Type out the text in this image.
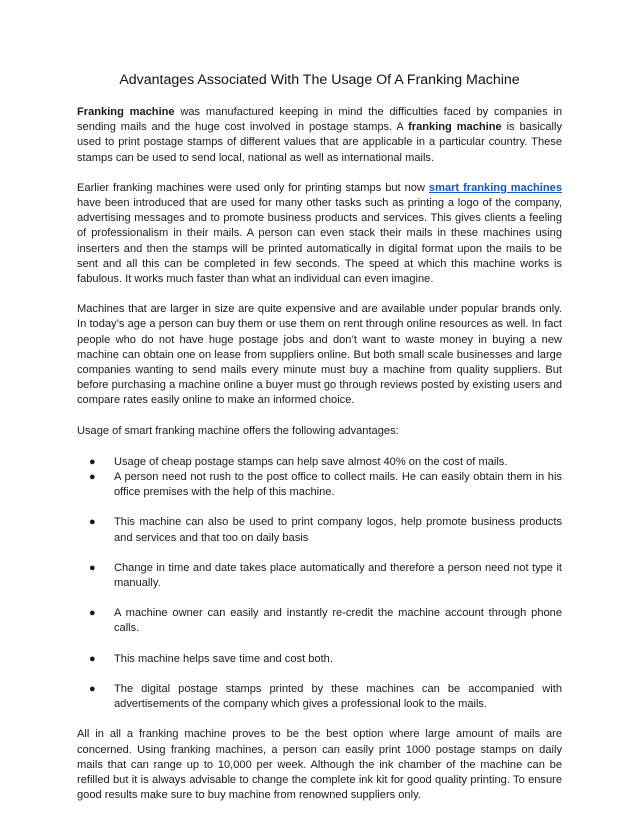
Advantages Associated With The Usage Of A Franking Machine

Franking machine was manufactured keeping in mind the difficulties faced by companies in sending mails and the huge cost involved in postage stamps. A franking machine is basically used to print postage stamps of different values that are applicable in a particular country. These stamps can be used to send local, national as well as international mails.

Earlier franking machines were used only for printing stamps but now smart franking machines have been introduced that are used for many other tasks such as printing a logo of the company, advertising messages and to promote business products and services. This gives clients a feeling of professionalism in their mails. A person can even stack their mails in these machines using inserters and then the stamps will be printed automatically in digital format upon the mails to be sent and all this can be completed in few seconds. The speed at which this machine works is fabulous. It works much faster than what an individual can even imagine.

Machines that are larger in size are quite expensive and are available under popular brands only. In today’s age a person can buy them or use them on rent through online resources as well. In fact people who do not have huge postage jobs and don’t want to waste money in buying a new machine can obtain one on lease from suppliers online. But both small scale businesses and large companies wanting to send mails every minute must buy a machine from quality suppliers. But before purchasing a machine online a buyer must go through reviews posted by existing users and compare rates easily online to make an informed choice.

Usage of smart franking machine offers the following advantages:

● Usage of cheap postage stamps can help save almost 40% on the cost of mails.
● A person need not rush to the post office to collect mails. He can easily obtain them in his office premises with the help of this machine.
● This machine can also be used to print company logos, help promote business products and services and that too on daily basis
● Change in time and date takes place automatically and therefore a person need not type it manually.
● A machine owner can easily and instantly re-credit the machine account through phone calls.
● This machine helps save time and cost both.
● The digital postage stamps printed by these machines can be accompanied with advertisements of the company which gives a professional look to the mails.

All in all a franking machine proves to be the best option where large amount of mails are concerned. Using franking machines, a person can easily print 1000 postage stamps on daily mails that can range up to 10,000 per week. Although the ink chamber of the machine can be refilled but it is always advisable to change the complete ink kit for good quality printing. To ensure good results make sure to buy machine from renowned suppliers only.
